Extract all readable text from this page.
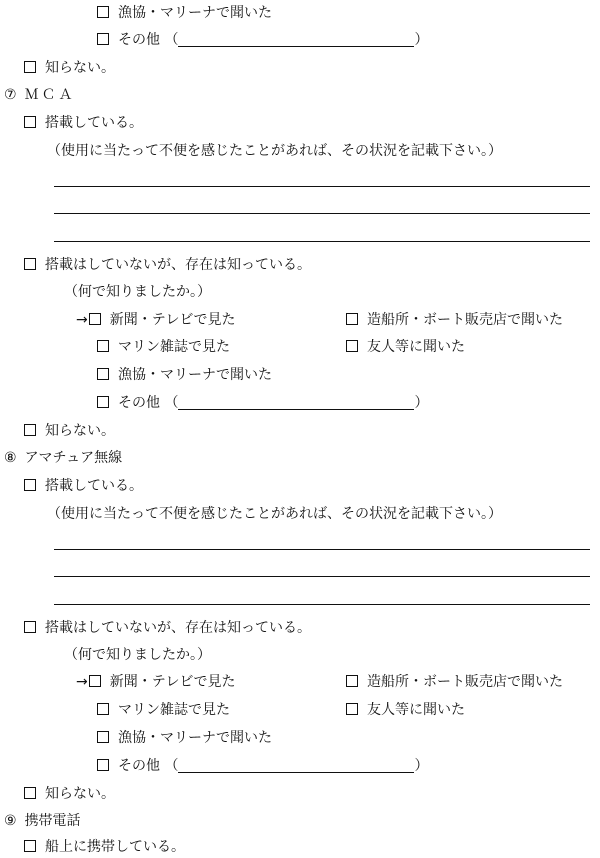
漁協・マリーナで聞いた
その他 （	）
知らない。
⑦ ＭＣＡ
搭載している。
（使用に当たって不便を感じたことがあれば、その状況を記載下さい。）
搭載はしていないが、存在は知っている。
（何で知りましたか。）
→ 新聞・テレビで見た	造船所・ボート販売店で聞いた
マリン雑誌で見た	友人等に聞いた
漁協・マリーナで聞いた
その他 （	）
知らない。
⑧ アマチュア無線
搭載している。
（使用に当たって不便を感じたことがあれば、その状況を記載下さい。）
搭載はしていないが、存在は知っている。
（何で知りましたか。）
→ 新聞・テレビで見た	造船所・ボート販売店で聞いた
マリン雑誌で見た	友人等に聞いた
漁協・マリーナで聞いた
その他 （	）
知らない。
⑨ 携帯電話
船上に携帯している。
